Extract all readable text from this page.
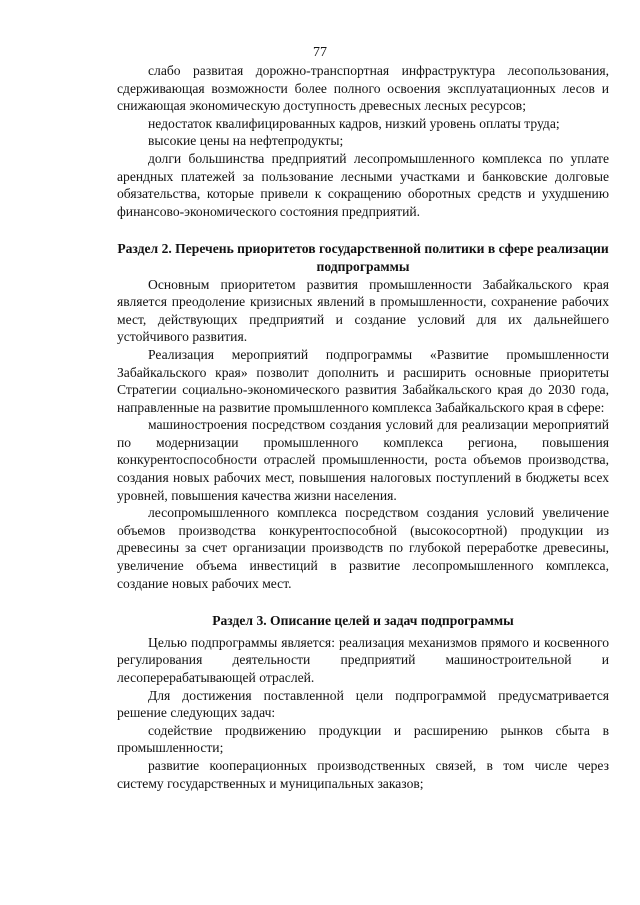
77

слабо развитая дорожно-транспортная инфраструктура лесопользования, сдерживающая возможности более полного освоения эксплуатационных лесов и снижающая экономическую доступность древесных лесных ресурсов;

недостаток квалифицированных кадров, низкий уровень оплаты труда;

высокие цены на нефтепродукты;

долги большинства предприятий лесопромышленного комплекса по уплате арендных платежей за пользование лесными участками и банковские долговые обязательства, которые привели к сокращению оборотных средств и ухудшению финансово-экономического состояния предприятий.

Раздел 2. Перечень приоритетов государственной политики в сфере реализации подпрограммы

Основным приоритетом развития промышленности Забайкальского края является преодоление кризисных явлений в промышленности, сохранение рабочих мест, действующих предприятий и создание условий для их дальнейшего устойчивого развития.

Реализация мероприятий подпрограммы «Развитие промышленности Забайкальского края» позволит дополнить и расширить основные приоритеты Стратегии социально-экономического развития Забайкальского края до 2030 года, направленные на развитие промышленного комплекса Забайкальского края в сфере:

машиностроения посредством создания условий для реализации мероприятий по модернизации промышленного комплекса региона, повышения конкурентоспособности отраслей промышленности, роста объемов производства, создания новых рабочих мест, повышения налоговых поступлений в бюджеты всех уровней, повышения качества жизни населения.

лесопромышленного комплекса посредством создания условий увеличение объемов производства конкурентоспособной (высокосортной) продукции из древесины за счет организации производств по глубокой переработке древесины, увеличение объема инвестиций в развитие лесопромышленного комплекса, создание новых рабочих мест.

Раздел 3. Описание целей и задач подпрограммы

Целью подпрограммы является: реализация механизмов прямого и косвенного регулирования деятельности предприятий машиностроительной и лесоперерабатывающей отраслей.

Для достижения поставленной цели подпрограммой предусматривается решение следующих задач:

содействие продвижению продукции и расширению рынков сбыта в промышленности;

развитие кооперационных производственных связей, в том числе через систему государственных и муниципальных заказов;
